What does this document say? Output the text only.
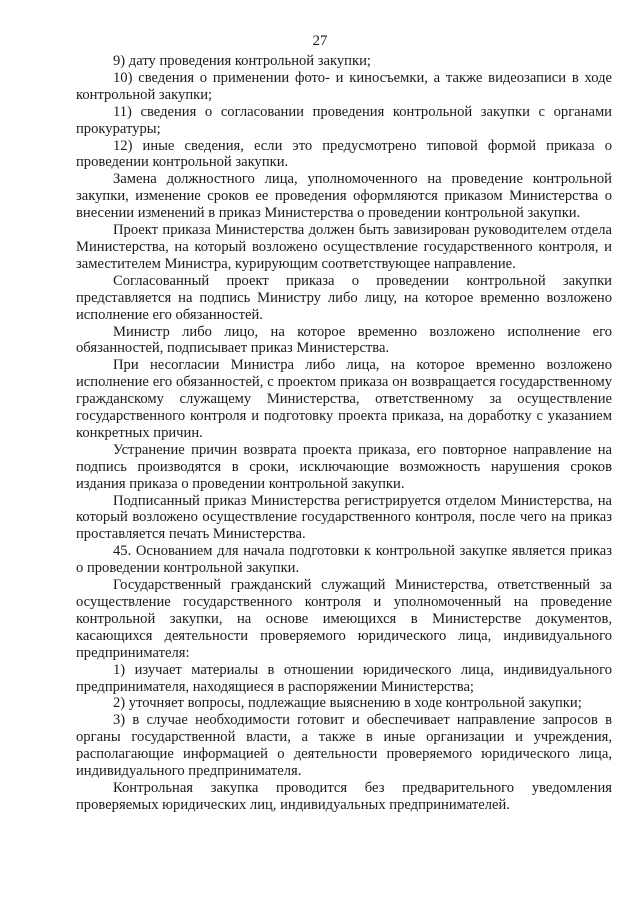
27

9) дату проведения контрольной закупки;

10) сведения о применении фото- и киносъемки, а также видеозаписи в ходе контрольной закупки;

11) сведения о согласовании проведения контрольной закупки с органами прокуратуры;

12) иные сведения, если это предусмотрено типовой формой приказа о проведении контрольной закупки.

Замена должностного лица, уполномоченного на проведение контрольной закупки, изменение сроков ее проведения оформляются приказом Министерства о внесении изменений в приказ Министерства о проведении контрольной закупки.

Проект приказа Министерства должен быть завизирован руководителем отдела Министерства, на который возложено осуществление государственного контроля, и заместителем Министра, курирующим соответствующее направление.

Согласованный проект приказа о проведении контрольной закупки представляется на подпись Министру либо лицу, на которое временно возложено исполнение его обязанностей.

Министр либо лицо, на которое временно возложено исполнение его обязанностей, подписывает приказ Министерства.

При несогласии Министра либо лица, на которое временно возложено исполнение его обязанностей, с проектом приказа он возвращается государственному гражданскому служащему Министерства, ответственному за осуществление государственного контроля и подготовку проекта приказа, на доработку с указанием конкретных причин.

Устранение причин возврата проекта приказа, его повторное направление на подпись производятся в сроки, исключающие возможность нарушения сроков издания приказа о проведении контрольной закупки.

Подписанный приказ Министерства регистрируется отделом Министерства, на который возложено осуществление государственного контроля, после чего на приказ проставляется печать Министерства.

45. Основанием для начала подготовки к контрольной закупке является приказ о проведении контрольной закупки.

Государственный гражданский служащий Министерства, ответственный за осуществление государственного контроля и уполномоченный на проведение контрольной закупки, на основе имеющихся в Министерстве документов, касающихся деятельности проверяемого юридического лица, индивидуального предпринимателя:

1) изучает материалы в отношении юридического лица, индивидуального предпринимателя, находящиеся в распоряжении Министерства;

2) уточняет вопросы, подлежащие выяснению в ходе контрольной закупки;

3) в случае необходимости готовит и обеспечивает направление запросов в органы государственной власти, а также в иные организации и учреждения, располагающие информацией о деятельности проверяемого юридического лица, индивидуального предпринимателя.

Контрольная закупка проводится без предварительного уведомления проверяемых юридических лиц, индивидуальных предпринимателей.
